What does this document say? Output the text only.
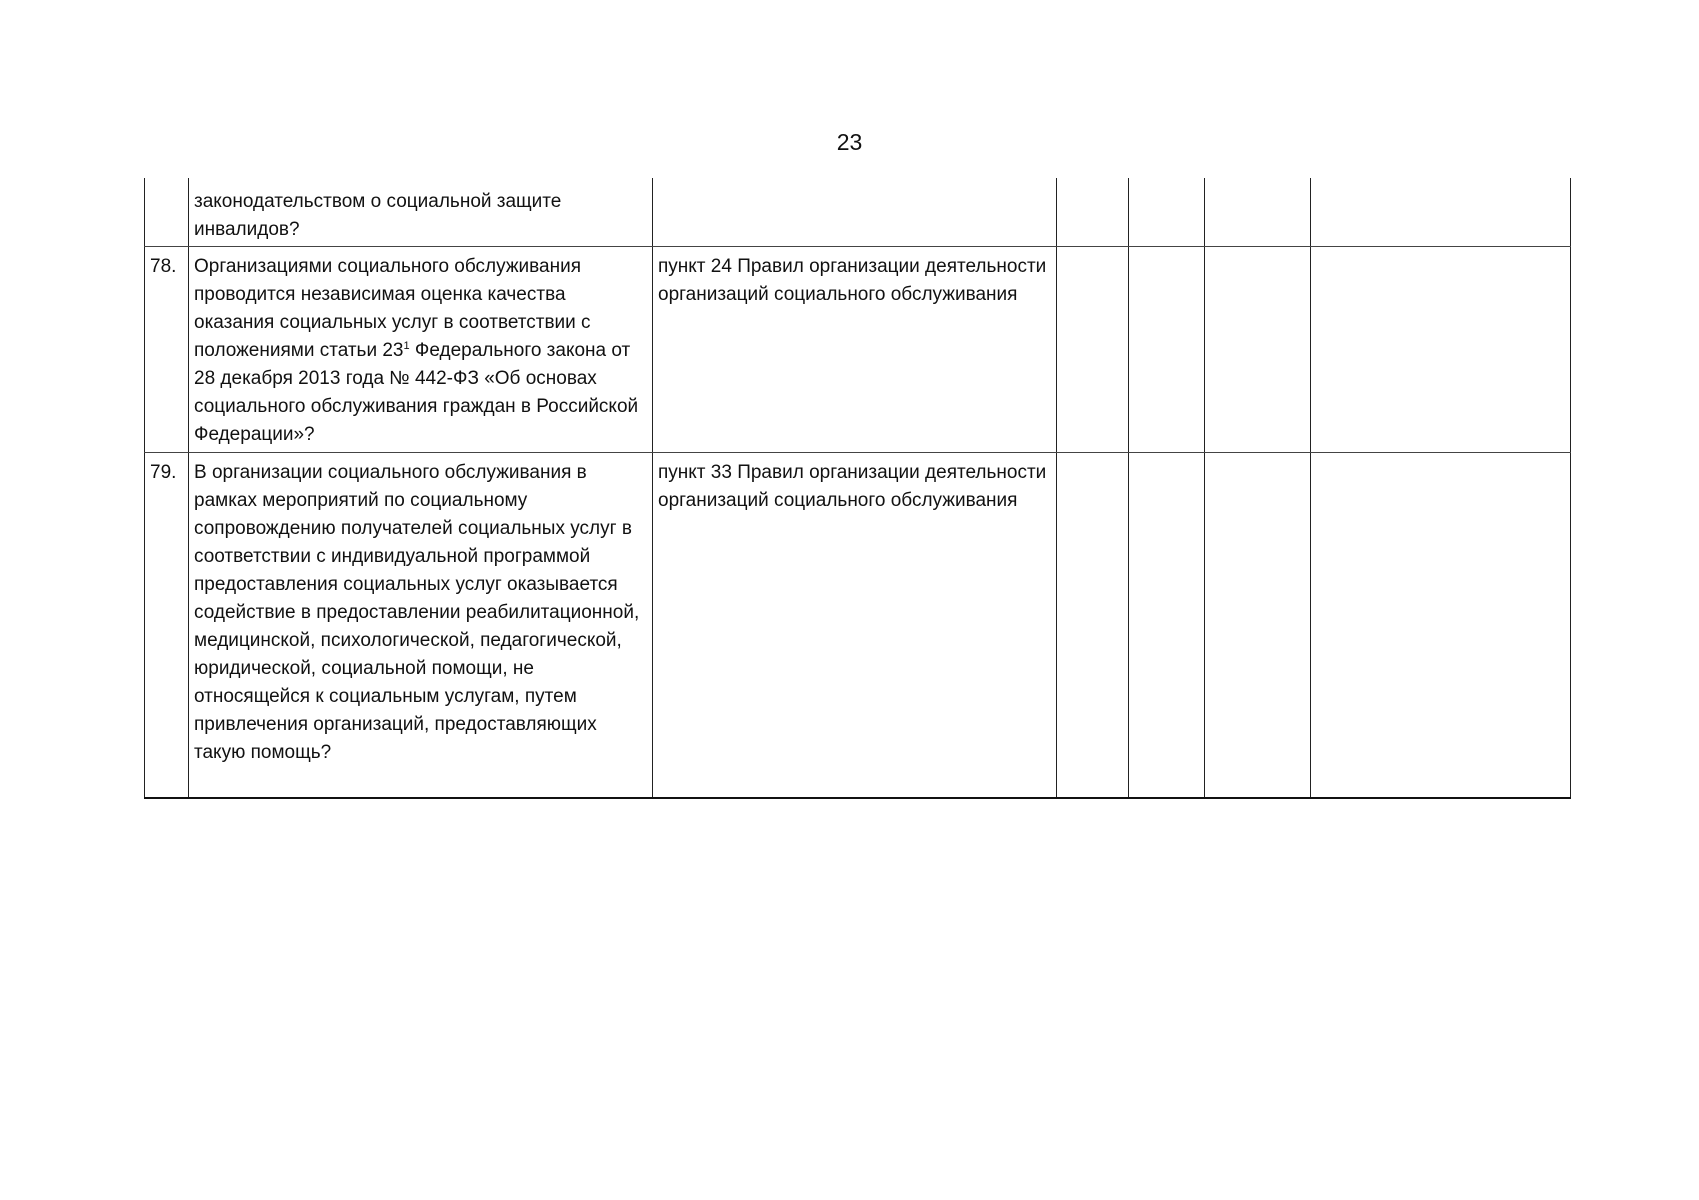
23
	законодательством о социальной защите инвалидов?					
78.	Организациями социального обслуживания проводится независимая оценка качества оказания социальных услуг в соответствии с положениями статьи $23^1$ Федерального закона от 28 декабря 2013 года № 442-ФЗ «Об основах социального обслуживания граждан в Российской Федерации»?	пункт 24 Правил организации деятельности организаций социального обслуживания				
79.	В организации социального обслуживания в рамках мероприятий по социальному сопровождению получателей социальных услуг в соответствии с индивидуальной программой предоставления социальных услуг оказывается содействие в предоставлении реабилитационной, медицинской, психологической, педагогической, юридической, социальной помощи, не относящейся к социальным услугам, путем привлечения организаций, предоставляющих такую помощь?	пункт 33 Правил организации деятельности организаций социального обслуживания				
